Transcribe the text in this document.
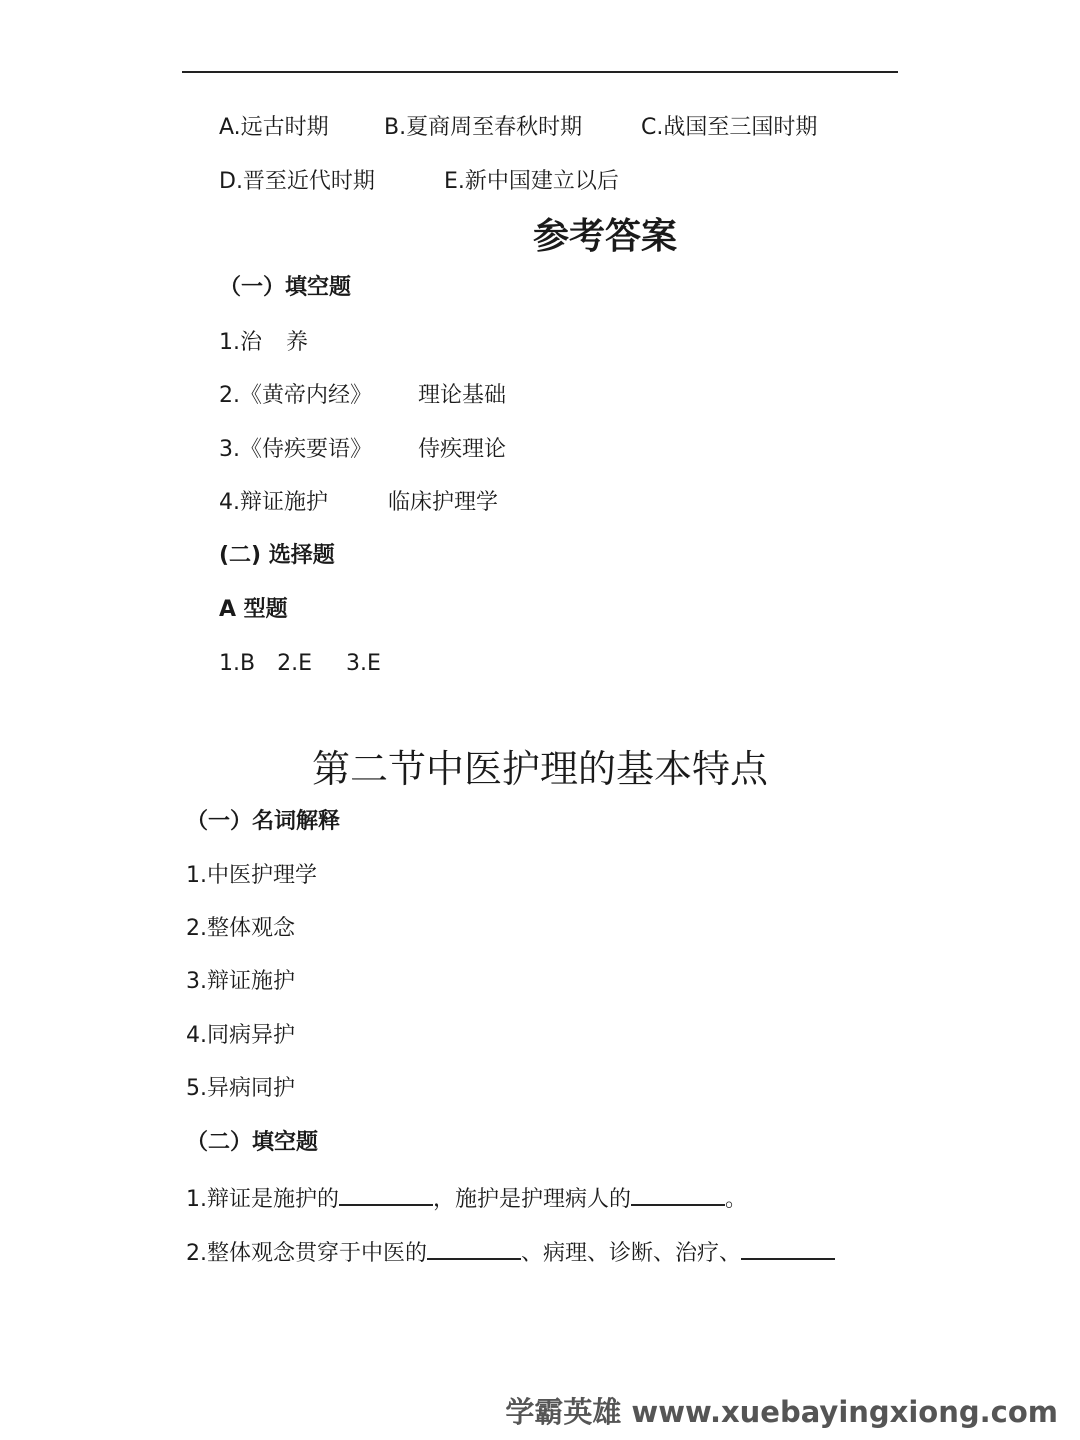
A.远古时期	B.夏商周至春秋时期	C.战国至三国时期
D.晋至近代时期	E.新中国建立以后
参考答案
（一）填空题
1.治 养
2.《黄帝内经》 理论基础
3.《侍疾要语》 侍疾理论
4.辩证施护	临床护理学
(二) 选择题
A 型题
1.B 2.E 3.E
第二节中医护理的基本特点
（一）名词解释
1.中医护理学
2.整体观念
3.辩证施护
4.同病异护
5.异病同护
（二）填空题
1.辩证是施护的	，施护是护理病人的	。
2.整体观念贯穿于中医的	、病理、诊断、治疗、
学霸英雄 www.xuebayingxiong.com
